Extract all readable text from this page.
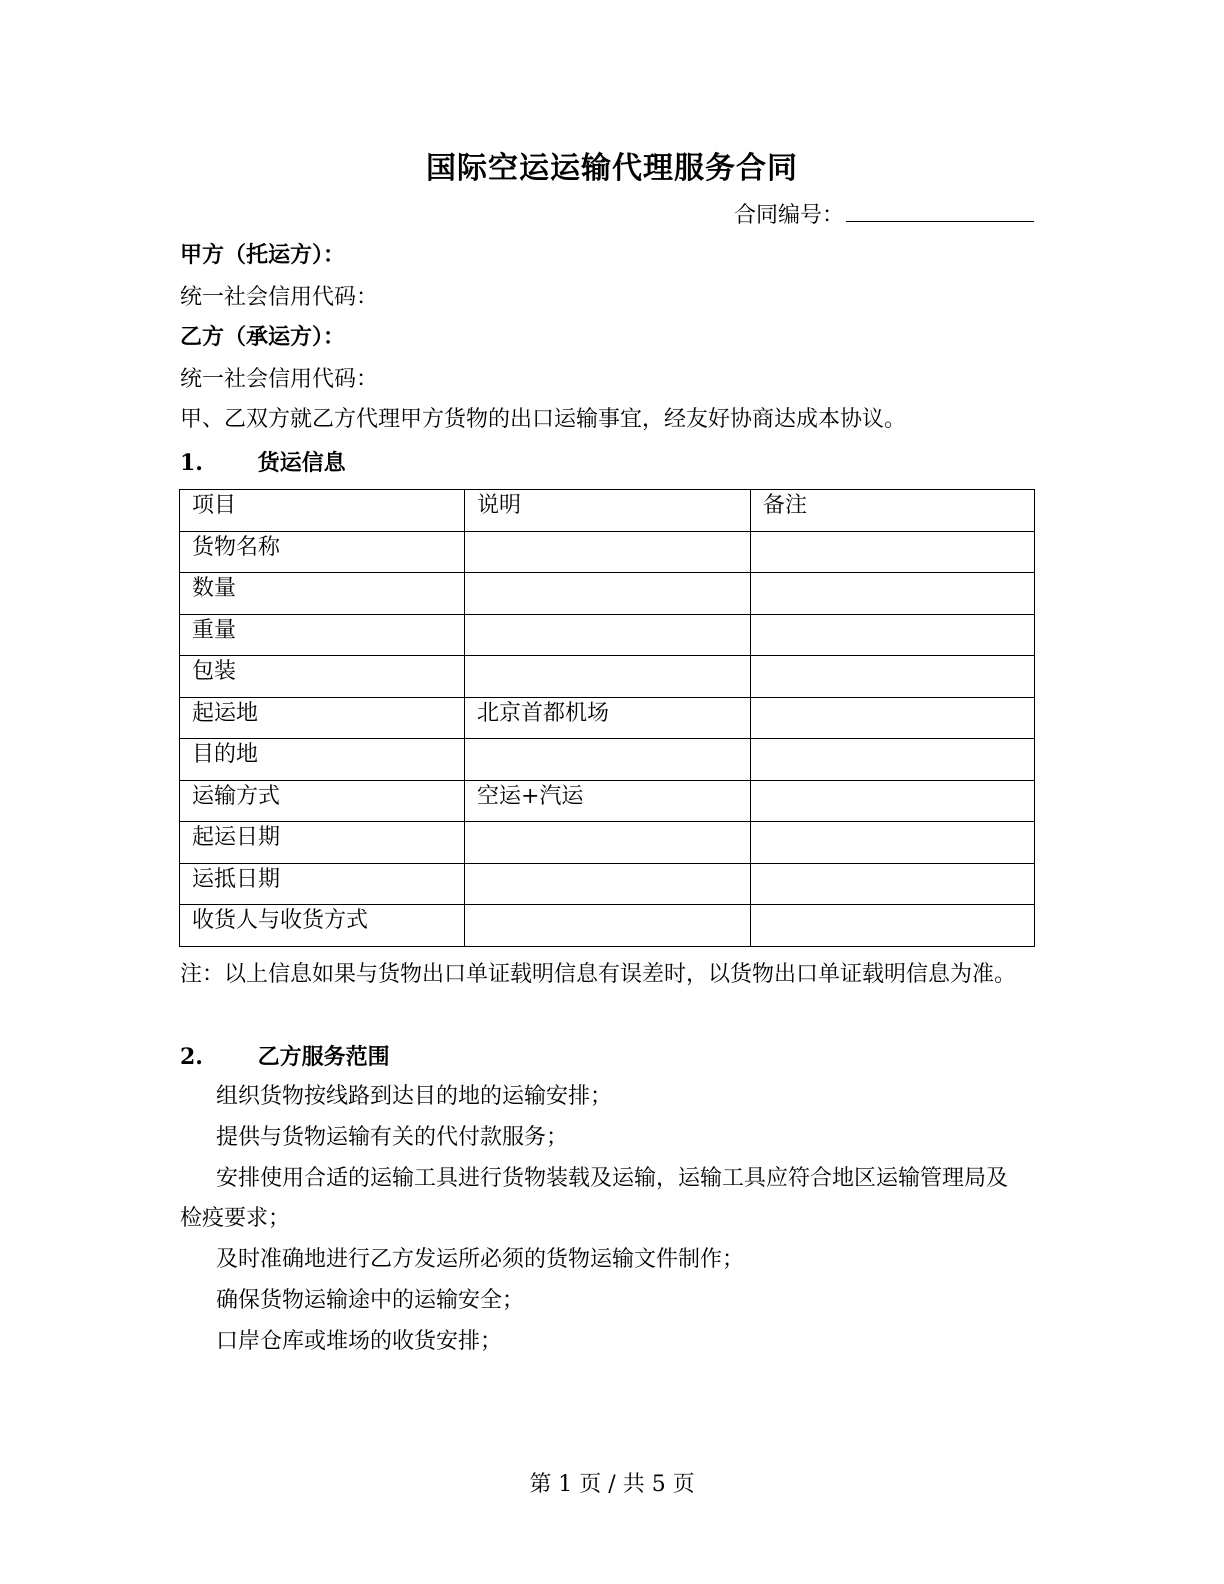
国际空运运输代理服务合同
合同编号：
甲方（托运方）：
统一社会信用代码：
乙方（承运方）：
统一社会信用代码：
甲、乙双方就乙方代理甲方货物的出口运输事宜，经友好协商达成本协议。
1. 货运信息
项目	说明	备注
货物名称		
数量		
重量		
包装		
起运地	北京首都机场	
目的地		
运输方式	空运+汽运	
起运日期		
运抵日期		
收货人与收货方式		
注：以上信息如果与货物出口单证载明信息有误差时，以货物出口单证载明信息为准。
2. 乙方服务范围
组织货物按线路到达目的地的运输安排；
提供与货物运输有关的代付款服务；
安排使用合适的运输工具进行货物装载及运输，运输工具应符合地区运输管理局及检疫要求；
及时准确地进行乙方发运所必须的货物运输文件制作；
确保货物运输途中的运输安全；
口岸仓库或堆场的收货安排；
第 1 页 / 共 5 页
